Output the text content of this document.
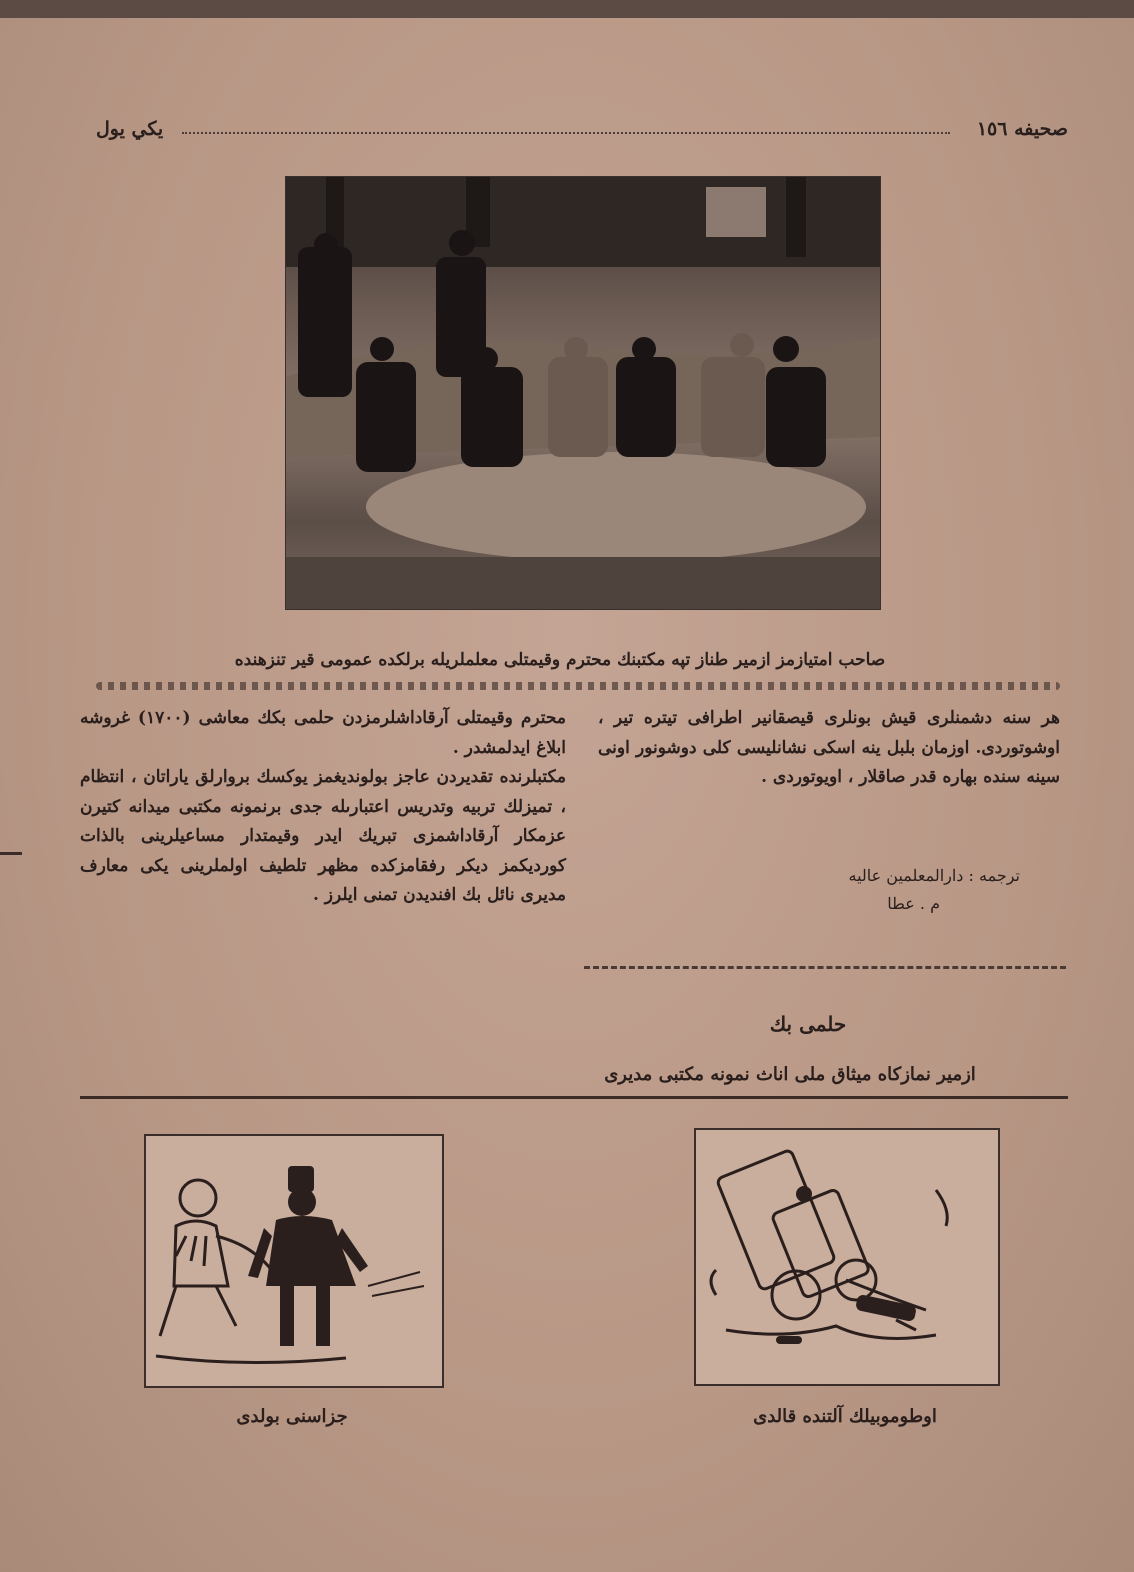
صحيفه ١٥٦
يكي يول
صاحب امتيازمز ازمير طناز تپه مكتبنك محترم وقيمتلى معلملريله برلكده عمومى قير تنزهنده

هر سنه دشمنلرى قيش بونلرى قيصقانير اطرافى تيتره تير ، اوشوتوردى. اوزمان بلبل ينه اسكى نشانليسى كلى دوشونور اونى سينه سنده بهاره قدر صاقلار ، اويوتوردى .

ترجمه : دارالمعلمين عاليه
م . عطا

محترم وقيمتلى آرقاداشلرمزدن حلمى بكك معاشى (١٧٠٠) غروشه ابلاغ ايدلمشدر .

مكتبلرنده تقديردن عاجز بولونديغمز يوكسك بروارلق ياراتان ، انتظام ، تميزلك تربيه وتدريس اعتبارىله جدى برنمونه مكتبى ميدانه كتيرن عزمكار آرقاداشمزى تبريك ايدر وقيمتدار مساعيلرينى بالذات كورديكمز ديكر رفقامزكده مظهر تلطيف اولملرينى يكى معارف مديرى نائل بك افنديدن تمنى ايلرز .

حلمى بك
ازمير نمازكاه ميثاق ملى اناث نمونه مكتبى مديرى
اوطوموبيلك آلتنده قالدى
جزاسنى بولدى
